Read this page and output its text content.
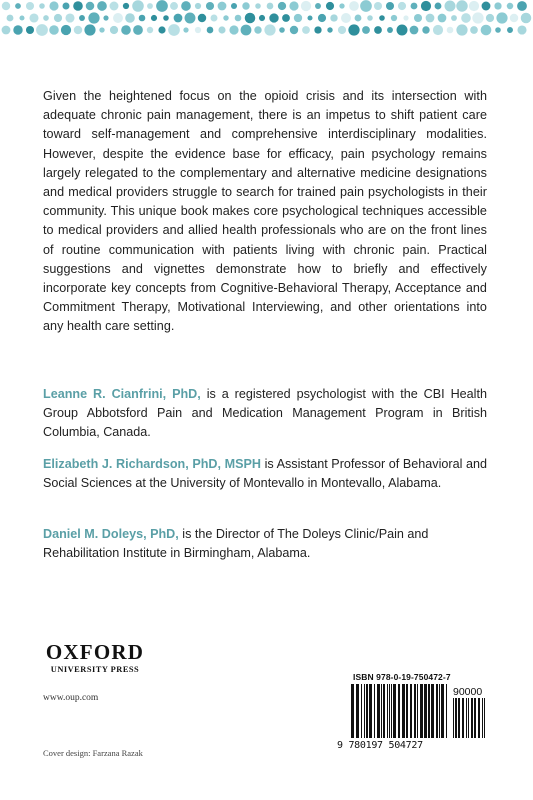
Given the heightened focus on the opioid crisis and its intersection with adequate chronic pain management, there is an impetus to shift patient care toward self-management and comprehensive interdisciplinary modalities. However, despite the evidence base for efficacy, pain psychology remains largely relegated to the complementary and alternative medicine designations and medical providers struggle to search for trained pain psychologists in their community. This unique book makes core psychological techniques accessible to medical providers and allied health professionals who are on the front lines of routine communication with patients living with chronic pain. Practical suggestions and vignettes demonstrate how to briefly and effectively incorporate key concepts from Cognitive-Behavioral Therapy, Acceptance and Commitment Therapy, Motivational Interviewing, and other orientations into any health care setting.

Leanne R. Cianfrini, PhD, is a registered psychologist with the CBI Health Group Abbotsford Pain and Medication Management Program in British Columbia, Canada.

Elizabeth J. Richardson, PhD, MSPH is Assistant Professor of Behavioral and Social Sciences at the University of Montevallo in Montevallo, Alabama.

Daniel M. Doleys, PhD, is the Director of The Doleys Clinic/Pain and Rehabilitation Institute in Birmingham, Alabama.

OXFORD
UNIVERSITY PRESS
www.oup.com
Cover design: Farzana Razak
ISBN 978-0-19-750472-7
90000
9 780197 504727
